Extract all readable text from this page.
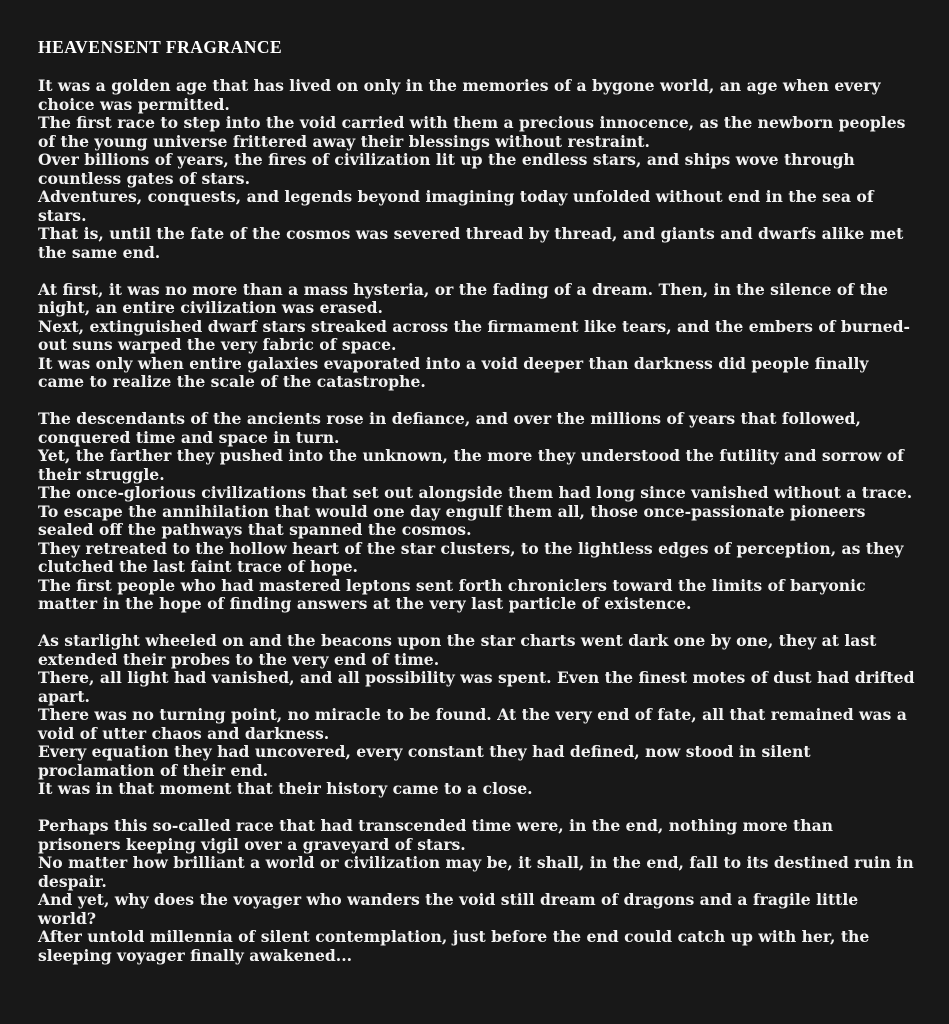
HEAVENSENT FRAGRANCE
It was a golden age that has lived on only in the memories of a bygone world, an age when every choice was permitted.
The first race to step into the void carried with them a precious innocence, as the newborn peoples of the young universe frittered away their blessings without restraint.
Over billions of years, the fires of civilization lit up the endless stars, and ships wove through countless gates of stars.
Adventures, conquests, and legends beyond imagining today unfolded without end in the sea of stars.
That is, until the fate of the cosmos was severed thread by thread, and giants and dwarfs alike met the same end.
At first, it was no more than a mass hysteria, or the fading of a dream. Then, in the silence of the night, an entire civilization was erased.
Next, extinguished dwarf stars streaked across the firmament like tears, and the embers of burned-out suns warped the very fabric of space.
It was only when entire galaxies evaporated into a void deeper than darkness did people finally came to realize the scale of the catastrophe.
The descendants of the ancients rose in defiance, and over the millions of years that followed, conquered time and space in turn.
Yet, the farther they pushed into the unknown, the more they understood the futility and sorrow of their struggle.
The once-glorious civilizations that set out alongside them had long since vanished without a trace.
To escape the annihilation that would one day engulf them all, those once-passionate pioneers sealed off the pathways that spanned the cosmos.
They retreated to the hollow heart of the star clusters, to the lightless edges of perception, as they clutched the last faint trace of hope.
The first people who had mastered leptons sent forth chroniclers toward the limits of baryonic matter in the hope of finding answers at the very last particle of existence.
As starlight wheeled on and the beacons upon the star charts went dark one by one, they at last extended their probes to the very end of time.
There, all light had vanished, and all possibility was spent. Even the finest motes of dust had drifted apart.
There was no turning point, no miracle to be found. At the very end of fate, all that remained was a void of utter chaos and darkness.
Every equation they had uncovered, every constant they had defined, now stood in silent proclamation of their end.
It was in that moment that their history came to a close.
Perhaps this so-called race that had transcended time were, in the end, nothing more than prisoners keeping vigil over a graveyard of stars.
No matter how brilliant a world or civilization may be, it shall, in the end, fall to its destined ruin in despair.
And yet, why does the voyager who wanders the void still dream of dragons and a fragile little world?
After untold millennia of silent contemplation, just before the end could catch up with her, the sleeping voyager finally awakened...
